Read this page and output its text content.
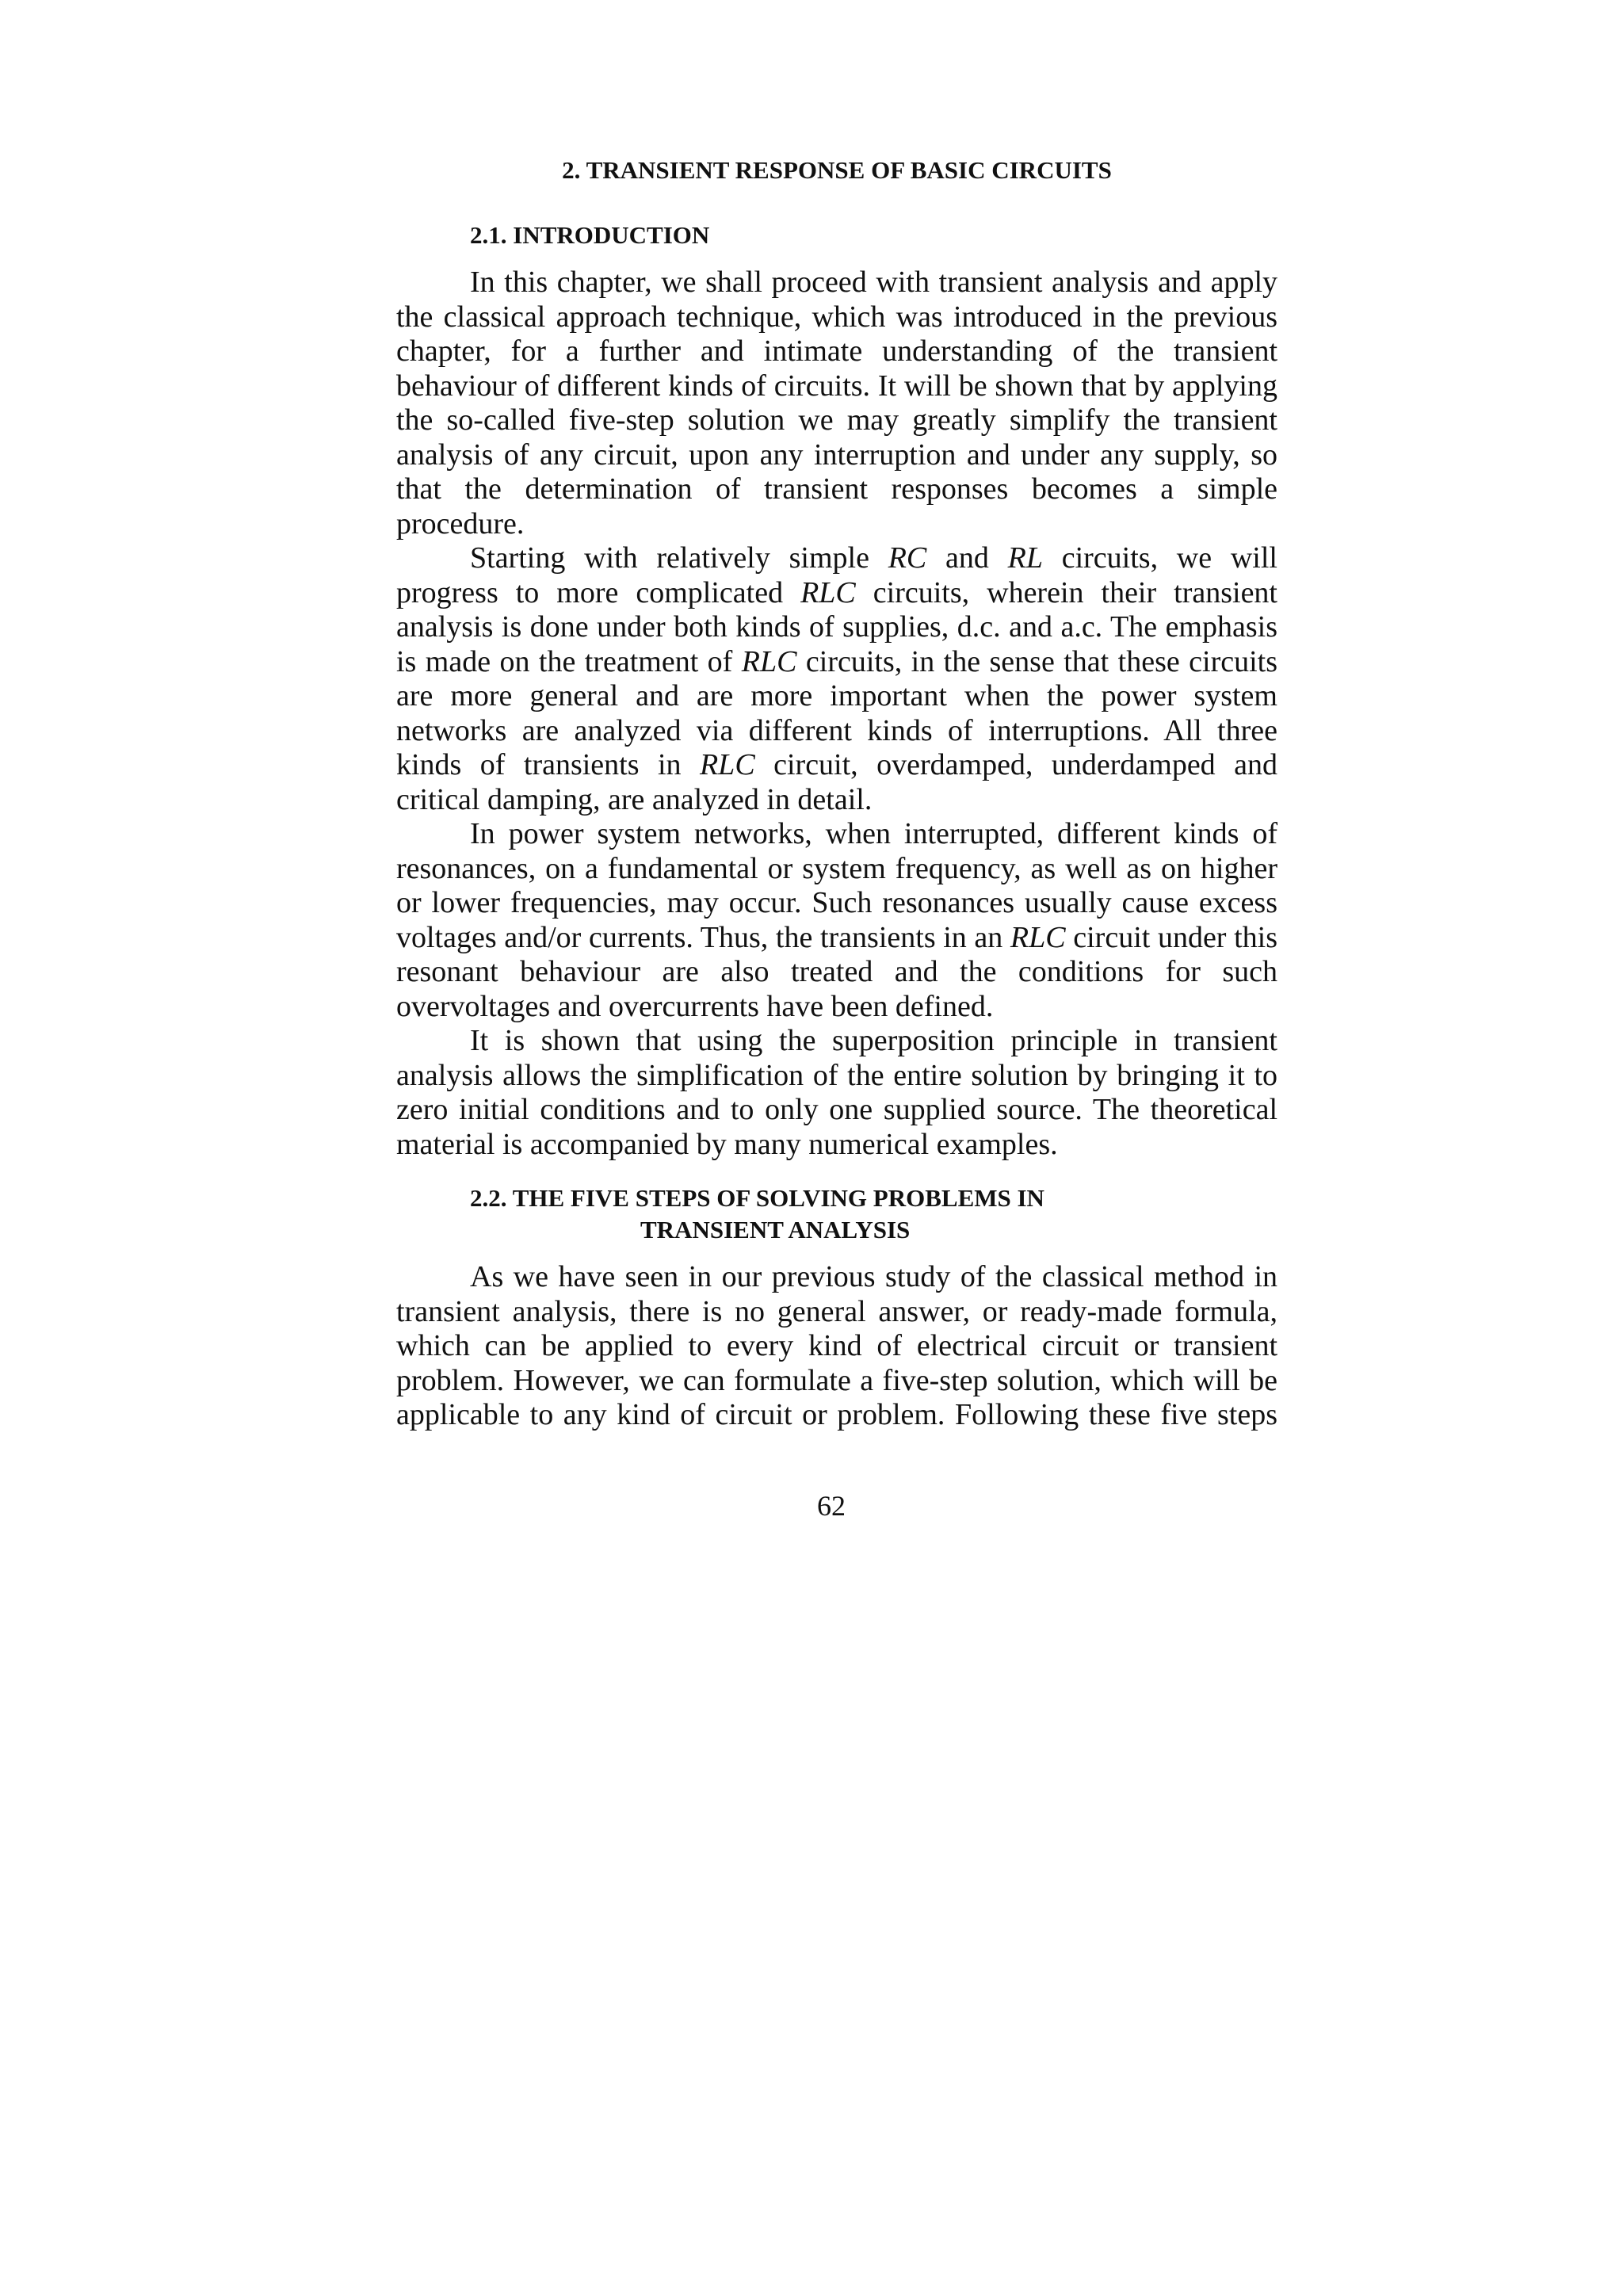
2. TRANSIENT RESPONSE OF BASIC CIRCUITS
2.1. INTRODUCTION

In this chapter, we shall proceed with transient analysis and apply the classical approach technique, which was introduced in the previous chapter, for a further and intimate understanding of the transient behaviour of different kinds of circuits. It will be shown that by applying the so-called five-step solution we may greatly simplify the transient analysis of any circuit, upon any interruption and under any supply, so that the determination of transient responses becomes a simple procedure.

Starting with relatively simple RC and RL circuits, we will progress to more complicated RLC circuits, wherein their transient analysis is done under both kinds of supplies, d.c. and a.c. The emphasis is made on the treatment of RLC circuits, in the sense that these circuits are more general and are more important when the power system networks are analyzed via different kinds of interruptions. All three kinds of transients in RLC circuit, overdamped, underdamped and critical damping, are analyzed in detail.

In power system networks, when interrupted, different kinds of resonances, on a fundamental or system frequency, as well as on higher or lower frequencies, may occur. Such resonances usually cause excess voltages and/or currents. Thus, the transients in an RLC circuit under this resonant behaviour are also treated and the conditions for such overvoltages and overcurrents have been defined.

It is shown that using the superposition principle in transient analysis allows the simplification of the entire solution by bringing it to zero initial conditions and to only one supplied source. The theoretical material is accompanied by many numerical examples.

2.2. THE FIVE STEPS OF SOLVING PROBLEMS IN
TRANSIENT ANALYSIS

As we have seen in our previous study of the classical method in transient analysis, there is no general answer, or ready-made formula, which can be applied to every kind of electrical circuit or transient problem. However, we can formulate a five-step solution, which will be applicable to any kind of circuit or problem. Following these five steps

62
